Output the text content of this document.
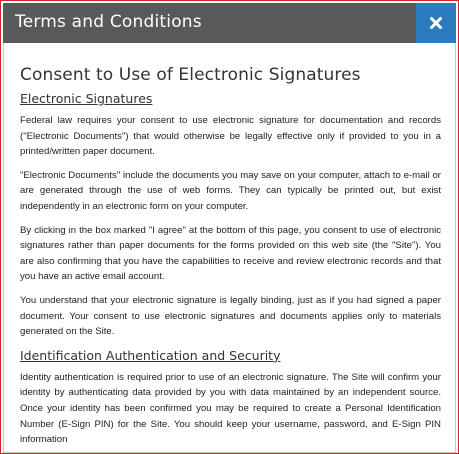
Terms and Conditions
Consent to Use of Electronic Signatures
Electronic Signatures

Federal law requires your consent to use electronic signature for documentation and records ("Electronic Documents") that would otherwise be legally effective only if provided to you in a printed/written paper document.

"Electronic Documents" include the documents you may save on your computer, attach to e-mail or are generated through the use of web forms. They can typically be printed out, but exist independently in an electronic form on your computer.

By clicking in the box marked "I agree" at the bottom of this page, you consent to use of electronic signatures rather than paper documents for the forms provided on this web site (the "Site"). You are also confirming that you have the capabilities to receive and review electronic records and that you have an active email account.

You understand that your electronic signature is legally binding, just as if you had signed a paper document. Your consent to use electronic signatures and documents applies only to materials generated on the Site.

Identification Authentication and Security

Identity authentication is required prior to use of an electronic signature. The Site will confirm your identity by authenticating data provided by you with data maintained by an independent source. Once your identity has been confirmed you may be required to create a Personal Identification Number (E-Sign PIN) for the Site. You should keep your username, password, and E-Sign PIN information
